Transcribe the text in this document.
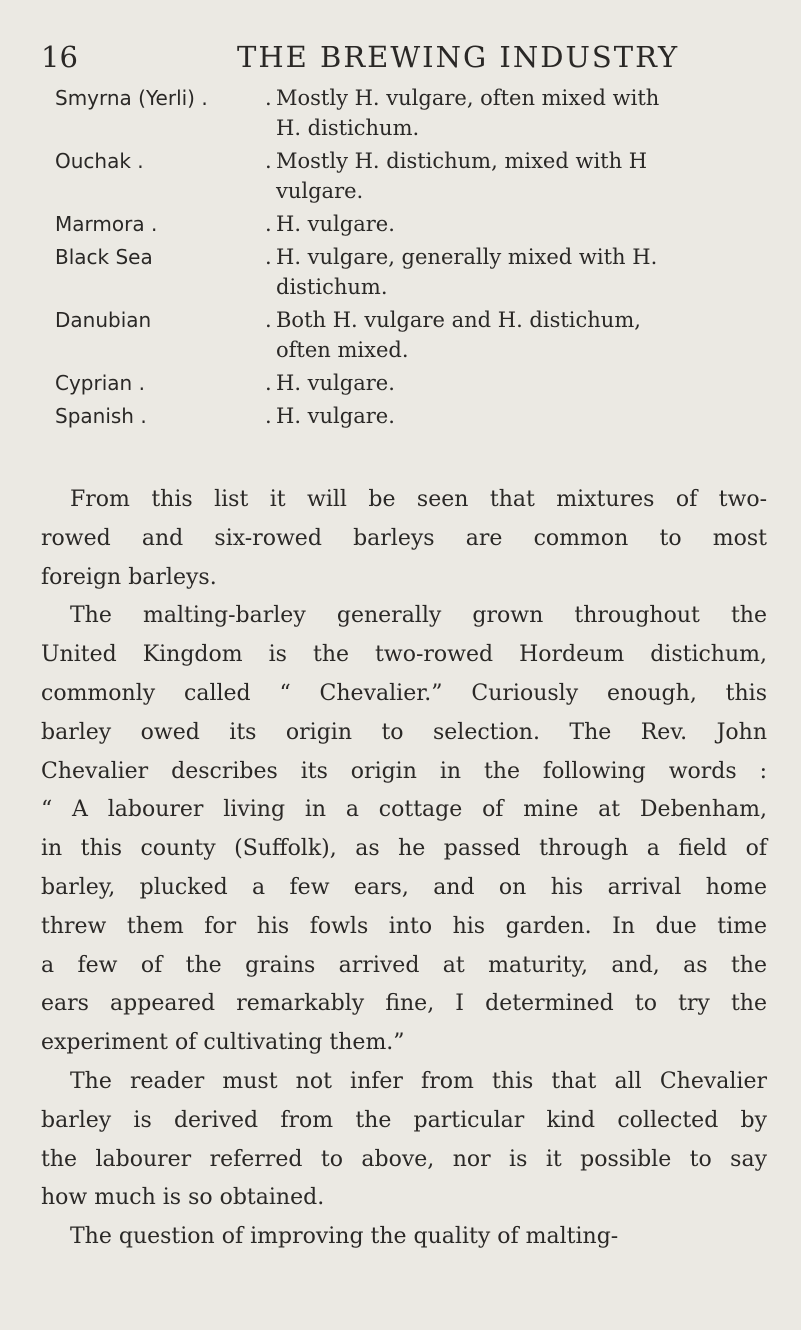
16	THE BREWING INDUSTRY
Smyrna (Yerli) .	. Mostly H. vulgare, often mixed with
H. distichum.
Ouchak .	. Mostly H. distichum, mixed with H
vulgare.
Marmora .	. H. vulgare.
Black Sea	. H. vulgare, generally mixed with H.
distichum.
Danubian	. Both H. vulgare and H. distichum,
often mixed.
Cyprian .	. H. vulgare.
Spanish .	. H. vulgare.
From this list it will be seen that mixtures of two-
rowed and six-rowed barleys are common to most
foreign barleys.
The malting-barley generally grown throughout the
United Kingdom is the two-rowed Hordeum distichum,
commonly called “ Chevalier.” Curiously enough, this
barley owed its origin to selection. The Rev. John
Chevalier describes its origin in the following words :
“ A labourer living in a cottage of mine at Debenham,
in this county (Suffolk), as he passed through a field of
barley, plucked a few ears, and on his arrival home
threw them for his fowls into his garden. In due time
a few of the grains arrived at maturity, and, as the
ears appeared remarkably fine, I determined to try the
experiment of cultivating them.”
The reader must not infer from this that all Chevalier
barley is derived from the particular kind collected by
the labourer referred to above, nor is it possible to say
how much is so obtained.
The question of improving the quality of malting-
